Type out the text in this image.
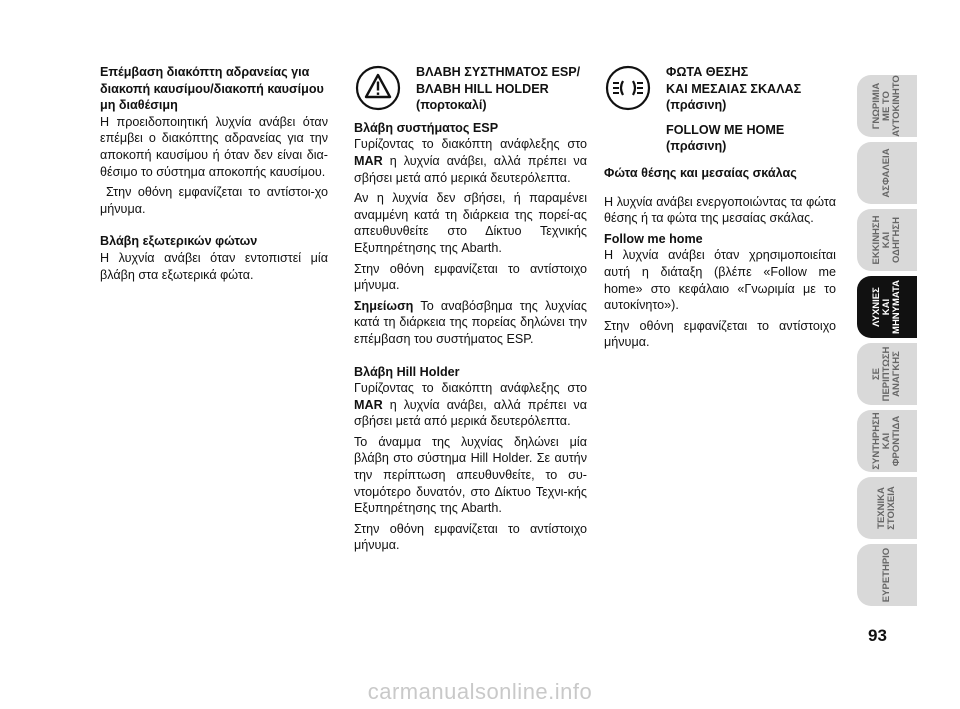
Επέμβαση διακόπτη αδρανείας για διακοπή καυσίμου/διακοπή καυσίμου μη διαθέσιμη

Η προειδοποιητική λυχνία ανάβει όταν επέμβει ο διακόπτης αδρανείας για την αποκοπή καυσίμου ή όταν δεν είναι δια-θέσιμο το σύστημα αποκοπής καυσίμου.

Στην οθόνη εμφανίζεται το αντίστοι-χο μήνυμα.

Βλάβη εξωτερικών φώτων

Η λυχνία ανάβει όταν εντοπιστεί μία βλάβη στα εξωτερικά φώτα.

ΒΛΑΒΗ ΣΥΣΤΗΜΑΤΟΣ ESP/
ΒΛΑΒΗ HILL HOLDER
(πορτοκαλί)

Βλάβη συστήματος ESP

Γυρίζοντας το διακόπτη ανάφλεξης στο MAR η λυχνία ανάβει, αλλά πρέπει να σβήσει μετά από μερικά δευτερόλεπτα.

Αν η λυχνία δεν σβήσει, ή παραμένει αναμμένη κατά τη διάρκεια της πορεί-ας απευθυνθείτε στο Δίκτυο Τεχνικής Εξυπηρέτησης της Abarth.

Στην οθόνη εμφανίζεται το αντίστοιχο μήνυμα.

Σημείωση Το αναβόσβημα της λυχνίας κατά τη διάρκεια της πορείας δηλώνει την επέμβαση του συστήματος ESP.

Βλάβη Hill Holder

Γυρίζοντας το διακόπτη ανάφλεξης στο MAR η λυχνία ανάβει, αλλά πρέπει να σβήσει μετά από μερικά δευτερόλεπτα.

Το άναμμα της λυχνίας δηλώνει μία βλάβη στο σύστημα Hill Holder. Σε αυτήν την περίπτωση απευθυνθείτε, το συ-ντομότερο δυνατόν, στο Δίκτυο Τεχνι-κής Εξυπηρέτησης της Abarth.

Στην οθόνη εμφανίζεται το αντίστοιχο μήνυμα.

ΦΩΤΑ ΘΕΣΗΣ
ΚΑΙ ΜΕΣΑΙΑΣ ΣΚΑΛΑΣ
(πράσινη)
FOLLOW ME HOME
(πράσινη)

Φώτα θέσης και μεσαίας σκάλας

Η λυχνία ανάβει ενεργοποιώντας τα φώτα θέσης ή τα φώτα της μεσαίας σκάλας.

Follow me home

Η λυχνία ανάβει όταν χρησιμοποιείται αυτή η διάταξη (βλέπε «Follow me home» στο κεφάλαιο «Γνωριμία με το αυτοκίνητο»).

Στην οθόνη εμφανίζεται το αντίστοιχο μήνυμα.

ΓΝΩΡΙΜΙΑ
ΜΕ ΤΟ
ΑΥΤΟΚΙΝΗΤΟ
ΑΣΦΑΛΕΙΑ
ΕΚΚΙΝΗΣΗ
ΚΑΙ
ΟΔΗΓΗΣΗ
ΛΥΧΝΙΕΣ
ΚΑΙ
ΜΗΝΥΜΑΤΑ
ΣΕ
ΠΕΡΙΠΤΩΣΗ
ΑΝΑΓΚΗΣ
ΣΥΝΤΗΡΗΣΗ
ΚΑΙ
ΦΡΟΝΤΙΔΑ
ΤΕΧΝΙΚΑ
ΣΤΟΙΧΕΙΑ
ΕΥΡΕΤΗΡΙΟ
93
carmanualsonline.info
